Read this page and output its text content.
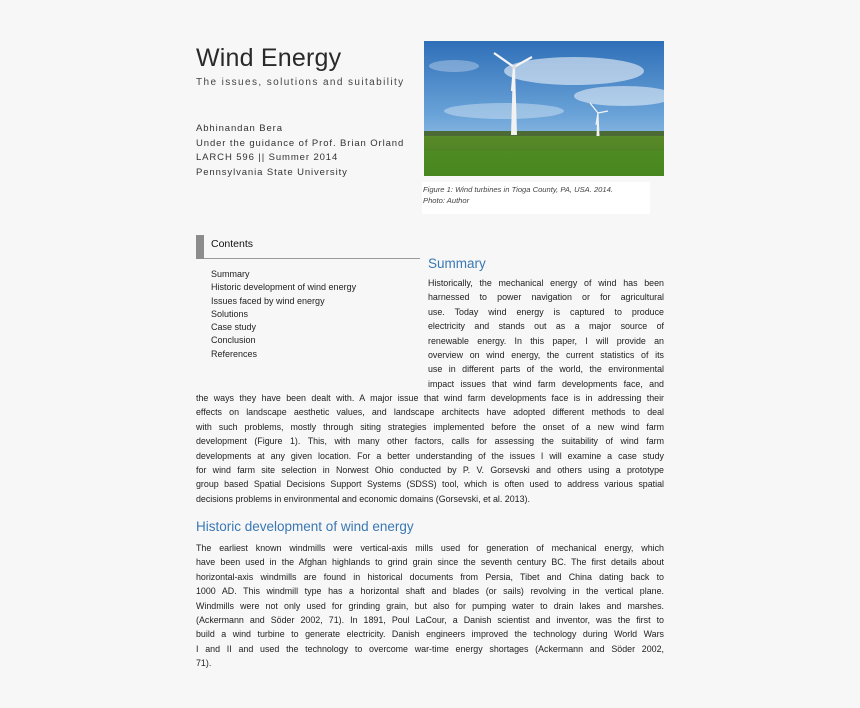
Wind Energy
The issues, solutions and suitability
Abhinandan Bera
Under the guidance of Prof. Brian Orland
LARCH 596 || Summer 2014
Pennsylvania State University
Figure 1: Wind turbines in Tioga County, PA, USA. 2014.
Photo: Author
Contents
Summary
Historic development of wind energy
Issues faced by wind energy
Solutions
Case study
Conclusion
References
Summary
Historically, the mechanical energy of wind has been
harnessed to power navigation or for agricultural
use. Today wind energy is captured to produce
electricity and stands out as a major source of
renewable energy. In this paper, I will provide an
overview on wind energy, the current statistics of its
use in different parts of the world, the environmental
impact issues that wind farm developments face, and
the ways they have been dealt with. A major issue that wind farm developments face is in addressing their
effects on landscape aesthetic values, and landscape architects have adopted different methods to deal
with such problems, mostly through siting strategies implemented before the onset of a new wind farm
development (Figure 1). This, with many other factors, calls for assessing the suitability of wind farm
developments at any given location. For a better understanding of the issues I will examine a case study
for wind farm site selection in Norwest Ohio conducted by P. V. Gorsevski and others using a prototype
group based Spatial Decisions Support Systems (SDSS) tool, which is often used to address various spatial
decisions problems in environmental and economic domains (Gorsevski, et al. 2013).
Historic development of wind energy
The earliest known windmills were vertical-axis mills used for generation of mechanical energy, which
have been used in the Afghan highlands to grind grain since the seventh century BC. The first details about
horizontal-axis windmills are found in historical documents from Persia, Tibet and China dating back to
1000 AD. This windmill type has a horizontal shaft and blades (or sails) revolving in the vertical plane.
Windmills were not only used for grinding grain, but also for pumping water to drain lakes and marshes.
(Ackermann and Söder 2002, 71). In 1891, Poul LaCour, a Danish scientist and inventor, was the first to
build a wind turbine to generate electricity. Danish engineers improved the technology during World Wars
I and II and used the technology to overcome war-time energy shortages (Ackermann and Söder 2002,
71).
